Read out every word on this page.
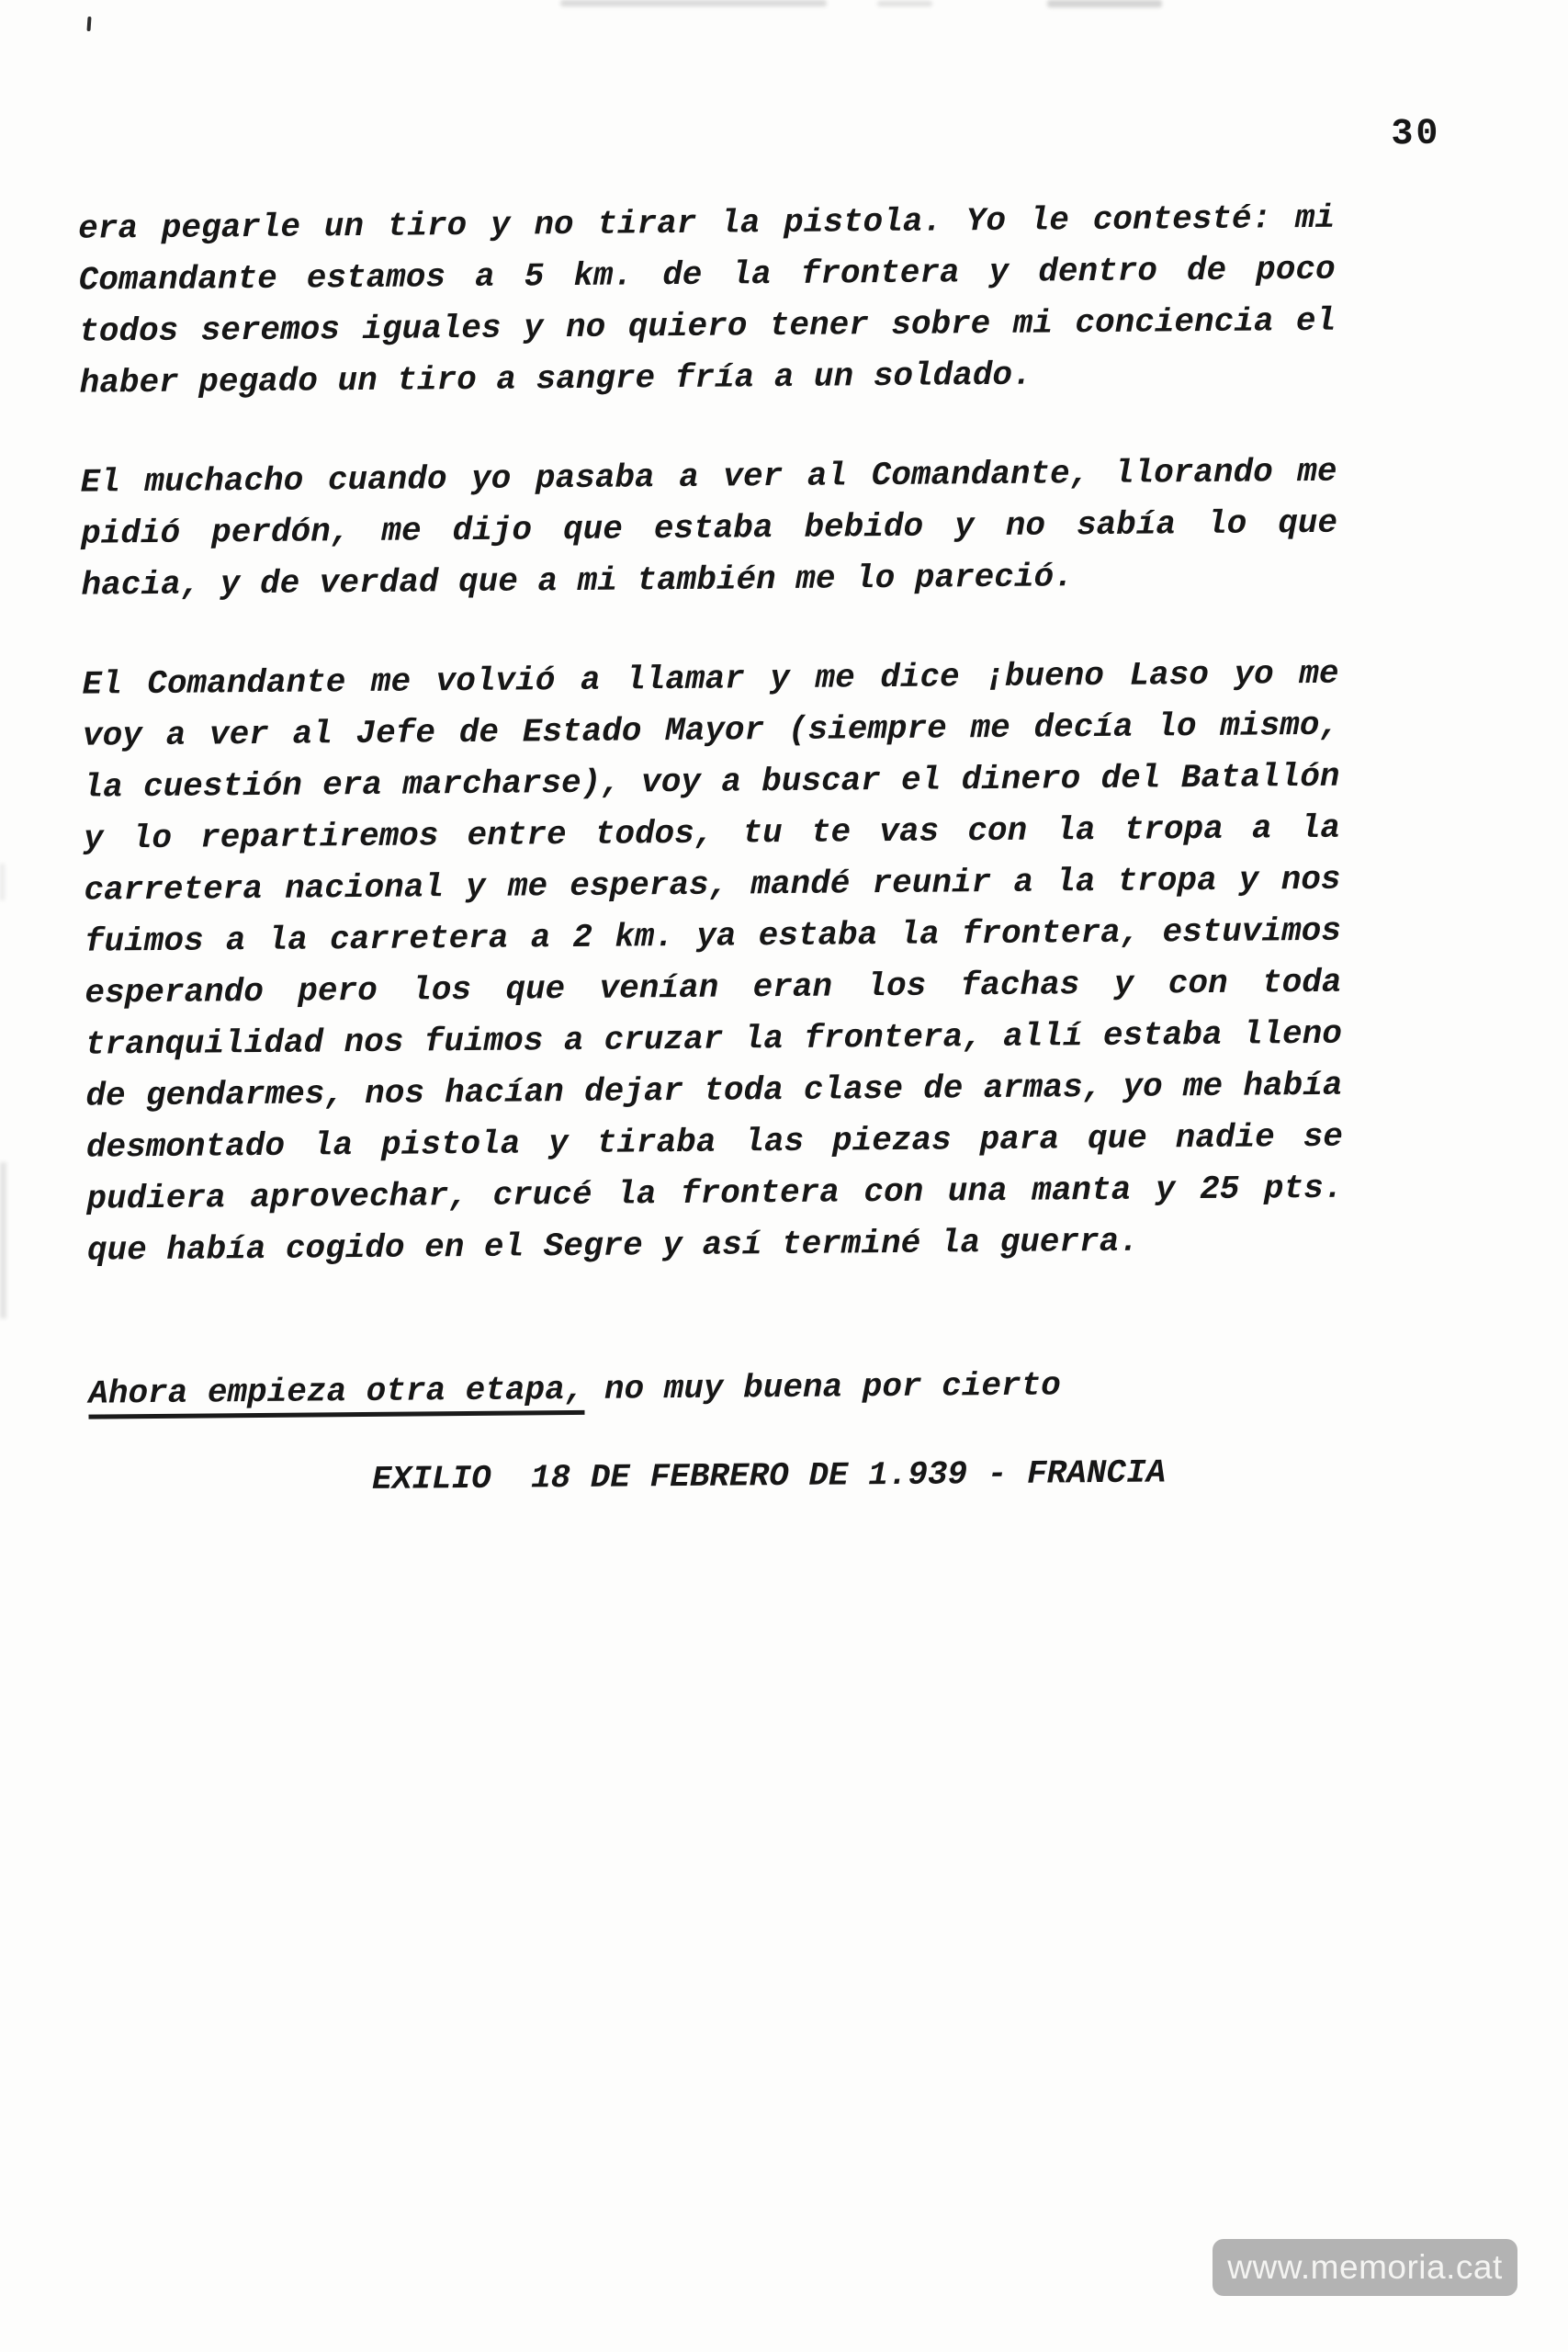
30

era pegarle un tiro y no tirar la pistola. Yo le contesté: mi Comandante estamos a 5 km. de la frontera y dentro de poco todos seremos iguales y no quiero tener sobre mi conciencia el haber pegado un tiro a sangre fría a un soldado.

El muchacho cuando yo pasaba a ver al Comandante, llorando me pidió perdón, me dijo que estaba bebido y no sabía lo que hacia, y de verdad que a mi también me lo pareció.

El Comandante me volvió a llamar y me dice ¡bueno Laso yo me voy a ver al Jefe de Estado Mayor (siempre me decía lo mismo, la cuestión era marcharse), voy a buscar el dinero del Batallón y lo repartiremos entre todos, tu te vas con la tropa a la carretera nacional y me esperas, mandé reunir a la tropa y nos fuimos a la carretera a 2 km. ya estaba la frontera, estuvimos esperando pero los que venían eran los fachas y con toda tranquilidad nos fuimos a cruzar la frontera, allí estaba lleno de gendarmes, nos hacían dejar toda clase de armas, yo me había desmontado la pistola y tiraba las piezas para que nadie se pudiera aprovechar, crucé la frontera con una manta y 25 pts. que había cogido en el Segre y así terminé la guerra.

Ahora empieza otra etapa, no muy buena por cierto

EXILIO  18 DE FEBRERO DE 1.939 - FRANCIA

www.memoria.cat
